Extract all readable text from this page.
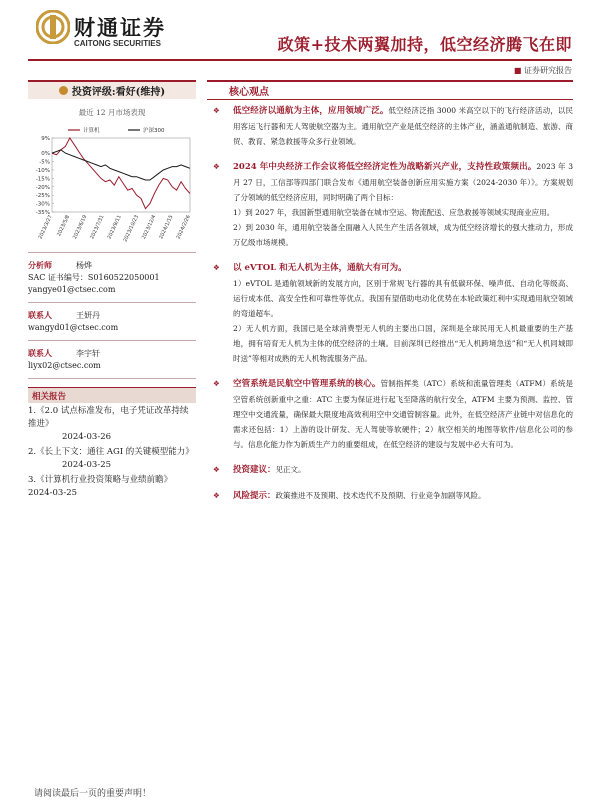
财通证券
CAITONG SECURITIES	政策+技术两翼加持，低空经济腾飞在即
■ 证券研究报告
投资评级:看好(维持)
最近 12 月市场表现
9%
0%
-5%
-10%
-15%
-20%
-25%
-30%
-35%
2023/3/27 2023/5/8 2023/6/19 2023/7/31 2023/9/11 2023/10/23 2023/12/4 2024/1/15 2024/2/26
计算机	沪深300
分析师	杨烨
SAC 证书编号：S0160522050001
yangye01@ctsec.com
联系人	王妍丹
wangyd01@ctsec.com
联系人	李宇轩
liyx02@ctsec.com
相关报告
1.《2.0 试点标准发布，电子凭证改革持续推进》
2024-03-26
2.《长上下文：通往 AGI 的关键模型能力》
2024-03-25
3.《计算机行业投资策略与业绩前瞻》
2024-03-25
核心观点
❖ 低空经济以通航为主体，应用领域广泛。低空经济泛指 3000 米高空以下的飞行经济活动，以民用客运飞行器和无人驾驶航空器为主。通用航空产业是低空经济的主体产业，涵盖通航制造、旅游、商贸、教育、紧急救援等众多行业领域。

❖ 2024 年中央经济工作会议将低空经济定性为战略新兴产业，支持性政策频出。2023 年 3 月 27 日，工信部等四部门联合发布《通用航空装备创新应用实施方案（2024-2030 年）》。方案规划了分领域的低空经济应用，同时明确了两个目标：

1）到 2027 年，我国新型通用航空装备在城市空运、物流配送、应急救援等领域实现商业应用。

2）到 2030 年，通用航空装备全面融入人民生产生活各领域，成为低空经济增长的强大推动力，形成万亿级市场规模。

❖ 以 eVTOL 和无人机为主体，通航大有可为。

1）eVTOL 是通航领域新的发展方向，区别于常规飞行器的具有低碳环保、噪声低、自动化等级高、运行成本低、高安全性和可靠性等优点。我国有望借助电动化优势在本轮政策红利中实现通用航空领域的弯道超车。

2）无人机方面，我国已是全球消费型无人机的主要出口国，深圳是全球民用无人机最重要的生产基地，拥有培育无人机为主体的低空经济的土壤。目前深圳已经推出“无人机跨境急送”和“无人机同城即时送”等相对成熟的无人机物流服务产品。

❖ 空管系统是民航空中管理系统的核心。管制指挥类（ATC）系统和流量管理类（ATFM）系统是空管系统创新重中之重：ATC 主要为保证进行起飞至降落的航行安全，ATFM 主要为预测、监控、管理空中交通流量，确保最大限度地高效利用空中交通管制容量。此外，在低空经济产业链中对信息化的需求还包括：1）上游的设计研发、无人驾驶等软硬件；2）航空相关的地图等软件/信息化公司的参与。信息化能力作为新质生产力的重要组成，在低空经济的建设与发展中必大有可为。

❖ 投资建议：见正文。

❖ 风险提示：政策推进不及预期、技术迭代不及预期、行业竞争加剧等风险。

请阅读最后一页的重要声明！
